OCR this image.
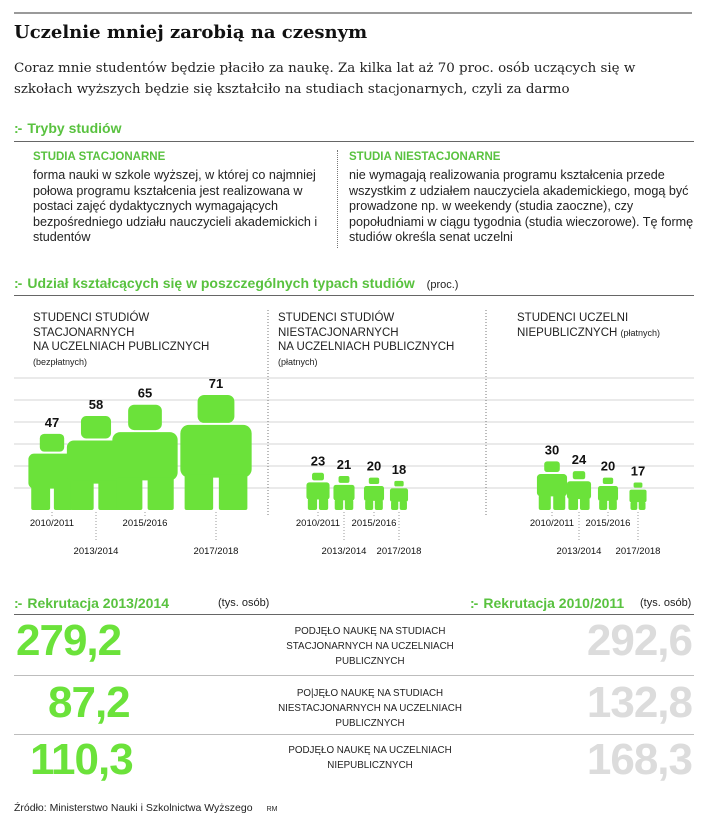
Uczelnie mniej zarobią na czesnym
Coraz mnie studentów będzie płaciło za naukę. Za kilka lat aż 70 proc. osób uczących się w szkołach wyższych będzie się kształciło na studiach stacjonarnych, czyli za darmo
:- Tryby studiów
STUDIA STACJONARNE
forma nauki w szkole wyższej, w której co najmniej połowa programu kształcenia jest realizowana w postaci zajęć dydaktycznych wymagających bezpośredniego udziału nauczycieli akademickich i studentów
STUDIA NIESTACJONARNE
nie wymagają realizowania programu kształcenia przede wszystkim z udziałem nauczyciela akademickiego, mogą być prowadzone np. w weekendy (studia zaoczne), czy popołudniami w ciągu tygodnia (studia wieczorowe). Tę formę studiów określa senat uczelni
:- Udział kształcących się w poszczególnych typach studiów (proc.)
47
58
65
71
23 21 20 18
30
24 20 17
2010/2011
2013/2014
2015/2016
2017/2018
2010/2011
2013/2014
2015/2016
2017/2018
2010/2011
2013/2014
2015/2016
2017/2018
STUDENCI STUDIÓW
STACJONARNYCH
NA UCZELNIACH PUBLICZNYCH
(bezpłatnych)
STUDENCI STUDIÓW
NIESTACJONARNYCH
NA UCZELNIACH PUBLICZNYCH
(płatnych)
STUDENCI UCZELNI
NIEPUBLICZNYCH (płatnych)
:- Rekrutacja 2013/2014	(tys. osób)	:- Rekrutacja 2010/2011 (tys. osób)
279,2	PODJĘŁO NAUKĘ NA STUDIACH
STACJONARNYCH NA UCZELNIACH
PUBLICZNYCH	292,6
87,2	PO|JĘŁO NAUKĘ NA STUDIACH
NIESTACJONARNYCH NA UCZELNIACH
PUBLICZNYCH	132,8
110,3	PODJĘŁO NAUKĘ NA UCZELNIACH
NIEPUBLICZNYCH	168,3
Źródło: Ministerstwo Nauki i Szkolnictwa Wyższego RM
